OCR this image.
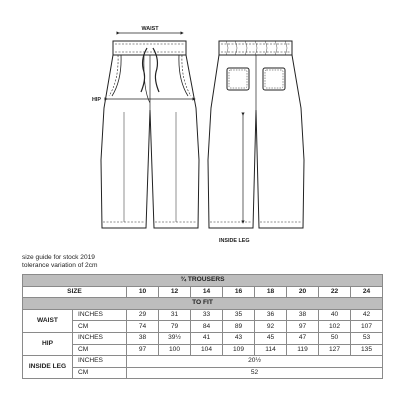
WAIST
HIP
INSIDE LEG
size guide for stock 2019
tolerance variation of 2cm
¾ TROUSERS									
SIZE		10	12	14	16	18	20	22	24
TO FIT									
WAIST	INCHES	29	31	33	35	36	38	40	42
	CM	74	79	84	89	92	97	102	107
HIP	INCHES	38	39½	41	43	45	47	50	53
	CM	97	100	104	109	114	119	127	135
INSIDE LEG	INCHES	20½							
	CM	52							
